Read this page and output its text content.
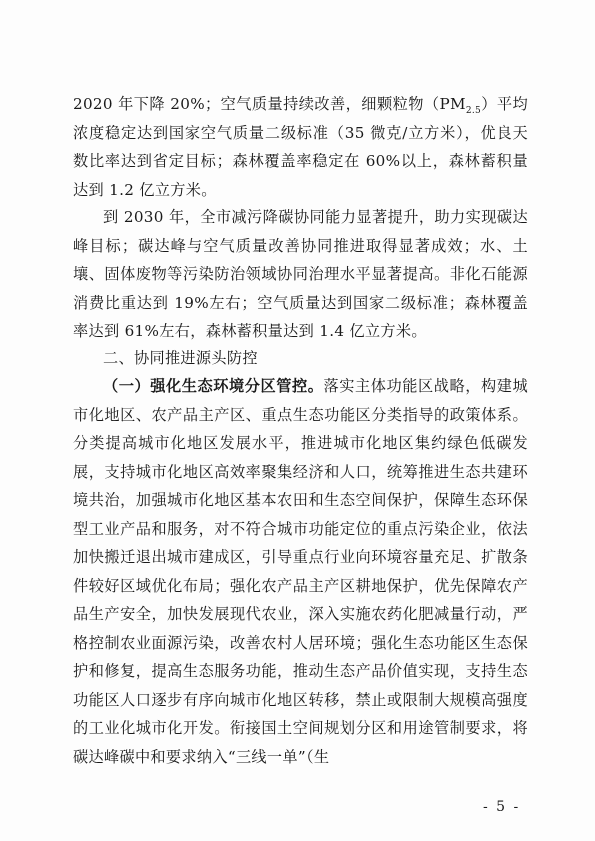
2020 年下降 20%；空气质量持续改善，细颗粒物$(PM_{2.5})$平均浓度稳定达到国家空气质量二级标准（35 微克/立方米），优良天数比率达到省定目标；森林覆盖率稳定在 60%以上，森林蓄积量达到 1.2 亿立方米。
到 2030 年，全市减污降碳协同能力显著提升，助力实现碳达峰目标；碳达峰与空气质量改善协同推进取得显著成效；水、土壤、固体废物等污染防治领域协同治理水平显著提高。非化石能源消费比重达到 19%左右；空气质量达到国家二级标准；森林覆盖率达到 61%左右，森林蓄积量达到 1.4 亿立方米。
二、协同推进源头防控
（一）强化生态环境分区管控。落实主体功能区战略，构建城市化地区、农产品主产区、重点生态功能区分类指导的政策体系。分类提高城市化地区发展水平，推进城市化地区集约绿色低碳发展，支持城市化地区高效率聚集经济和人口，统筹推进生态共建环境共治，加强城市化地区基本农田和生态空间保护，保障生态环保型工业产品和服务，对不符合城市功能定位的重点污染企业，依法加快搬迁退出城市建成区，引导重点行业向环境容量充足、扩散条件较好区域优化布局；强化农产品主产区耕地保护，优先保障农产品生产安全，加快发展现代农业，深入实施农药化肥减量行动，严格控制农业面源污染，改善农村人居环境；强化生态功能区生态保护和修复，提高生态服务功能，推动生态产品价值实现，支持生态功能区人口逐步有序向城市化地区转移，禁止或限制大规模高强度的工业化城市化开发。衔接国土空间规划分区和用途管制要求，将碳达峰碳中和要求纳入“三线一单”（生
- 5 -
